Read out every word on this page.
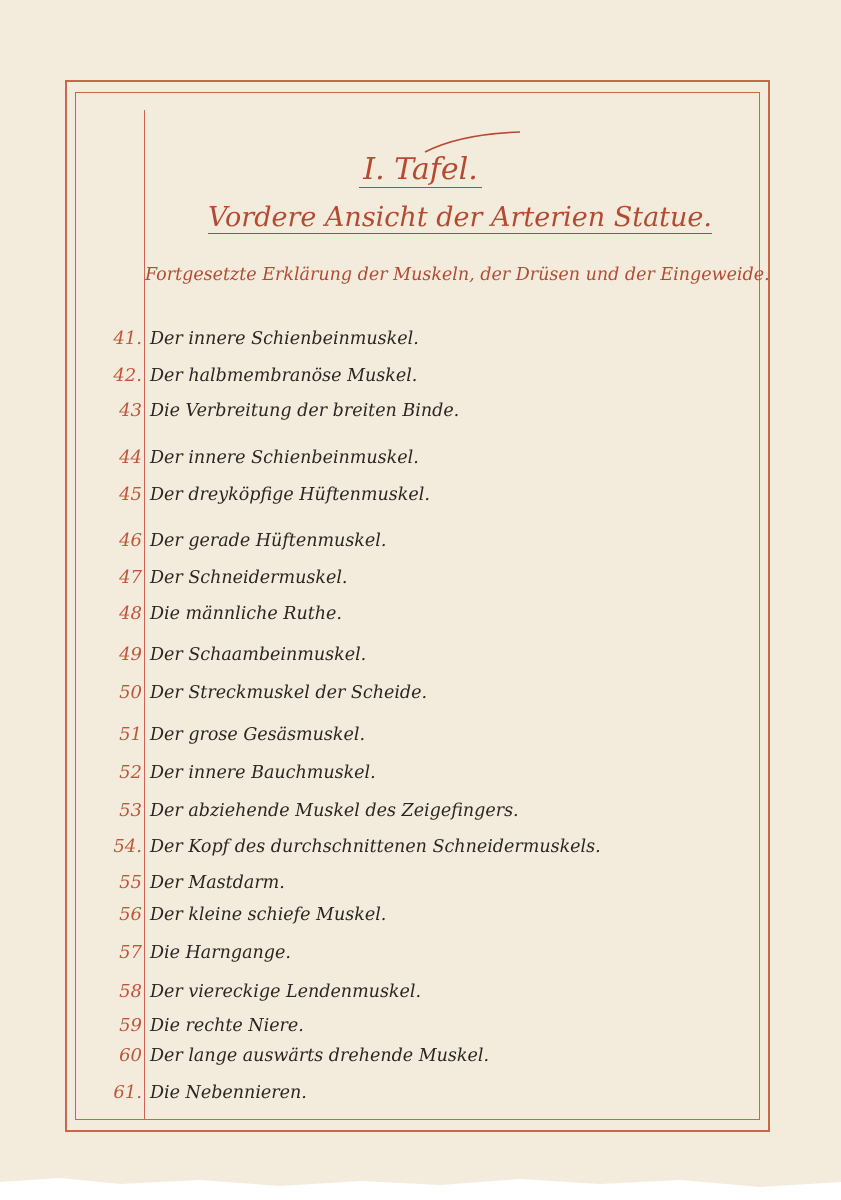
I. Tafel.
Vordere Ansicht der Arterien Statue.
Fortgesetzte Erklärung der Muskeln, der Drüsen und der Eingeweide.
41. Der innere Schienbeinmuskel.
42. Der halbmembranöse Muskel.
43 Die Verbreitung der breiten Binde.
44 Der innere Schienbeinmuskel.
45 Der dreyköpfige Hüftenmuskel.
46 Der gerade Hüftenmuskel.
47 Der Schneidermuskel.
48 Die männliche Ruthe.
49 Der Schaambeinmuskel.
50 Der Streckmuskel der Scheide.
51 Der grose Gesäsmuskel.
52 Der innere Bauchmuskel.
53 Der abziehende Muskel des Zeigefingers.
54. Der Kopf des durchschnittenen Schneidermuskels.
55 Der Mastdarm.
56 Der kleine schiefe Muskel.
57 Die Harngange.
58 Der viereckige Lendenmuskel.
59 Die rechte Niere.
60 Der lange auswärts drehende Muskel.
61. Die Nebennieren.
